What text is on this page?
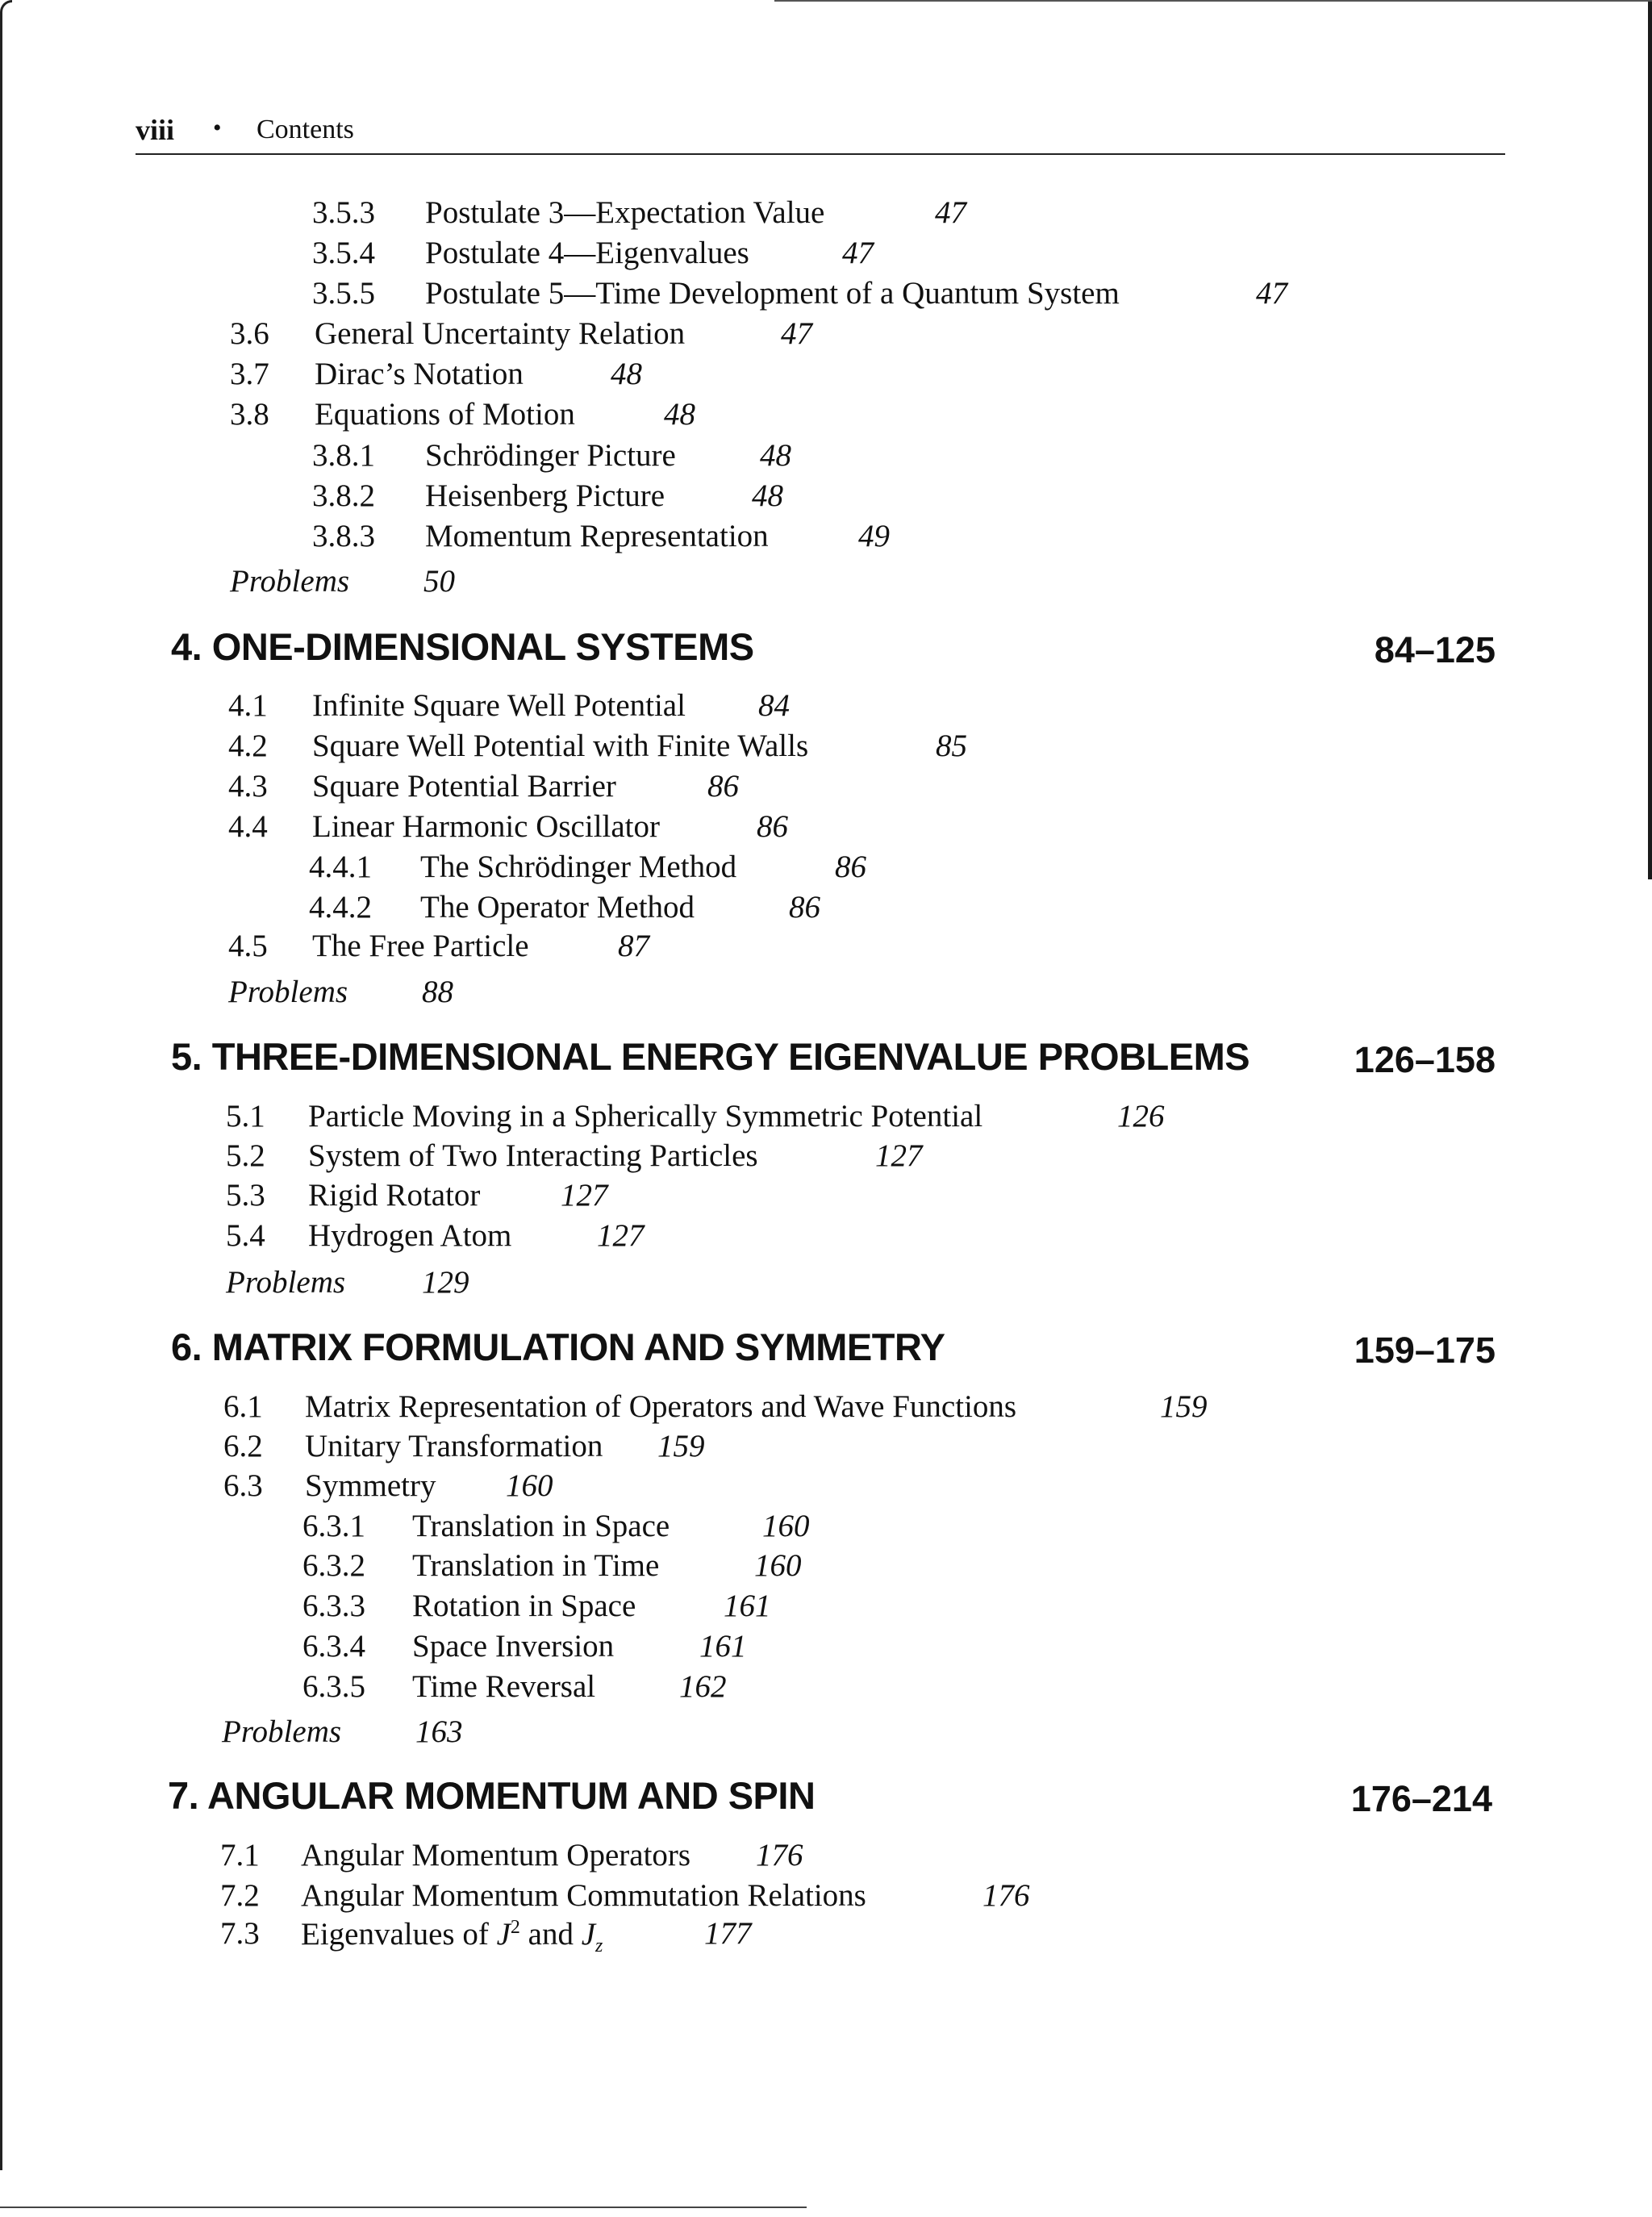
viii • Contents
3.5.3 Postulate 3—Expectation Value	47
3.5.4 Postulate 4—Eigenvalues	47
3.5.5 Postulate 5—Time Development of a Quantum System	47
3.6 General Uncertainty Relation	47
3.7 Dirac’s Notation	48
3.8 Equations of Motion	48
3.8.1 Schrödinger Picture	48
3.8.2 Heisenberg Picture	48
3.8.3 Momentum Representation	49
Problems 50
4. ONE-DIMENSIONAL SYSTEMS	84–125
4.1 Infinite Square Well Potential 84
4.2 Square Well Potential with Finite Walls	85
4.3 Square Potential Barrier	86
4.4 Linear Harmonic Oscillator	86
4.4.1 The Schrödinger Method	86
4.4.2 The Operator Method	86
4.5 The Free Particle	87
Problems 88
5. THREE-DIMENSIONAL ENERGY EIGENVALUE PROBLEMS	126–158
5.1 Particle Moving in a Spherically Symmetric Potential	126
5.2 System of Two Interacting Particles	127
5.3 Rigid Rotator	127
5.4 Hydrogen Atom	127
Problems 129
6. MATRIX FORMULATION AND SYMMETRY	159–175
6.1 Matrix Representation of Operators and Wave Functions	159
6.2 Unitary Transformation 159
6.3 Symmetry 160
6.3.1 Translation in Space	160
6.3.2 Translation in Time	160
6.3.3 Rotation in Space	161
6.3.4 Space Inversion	161
6.3.5 Time Reversal	162
Problems 163
7. ANGULAR MOMENTUM AND SPIN	176–214
7.1 Angular Momentum Operators 176
7.2 Angular Momentum Commutation Relations	176
7.3 Eigenvalues of $J^2$ and $J_z$	177
